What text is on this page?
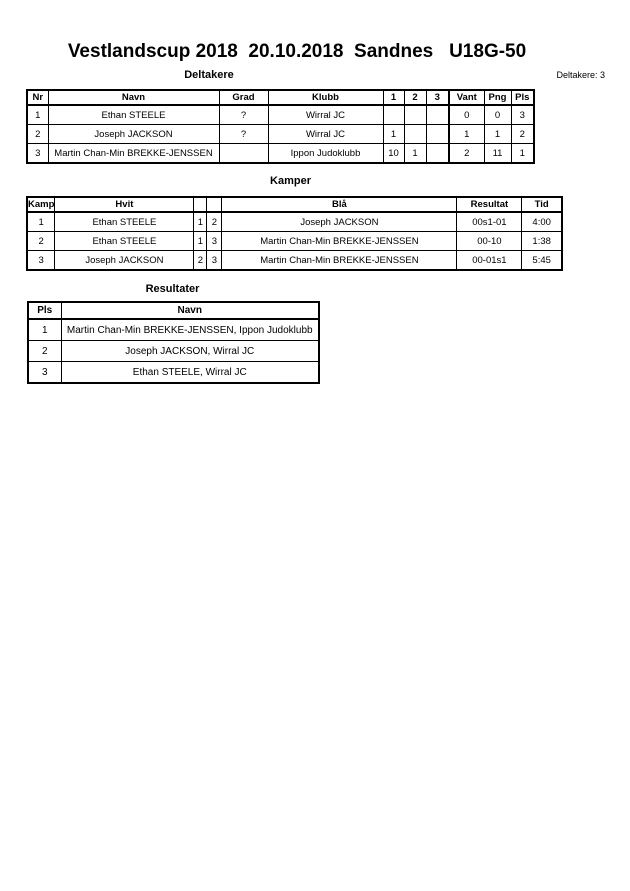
Vestlandscup 2018  20.10.2018  Sandnes   U18G-50
Deltakere	Deltakere: 3
Nr	Navn	Grad	Klubb	1	2	3	Vant	Png	Pls
1	Ethan STEELE	?	Wirral JC				0	0	3
2	Joseph JACKSON	?	Wirral JC	1			1	1	2
3	Martin Chan-Min BREKKE-JENSSEN		Ippon Judoklubb	10	1		2	11	1
Kamper
Kamp	Hvit			Blå	Resultat	Tid
1	Ethan STEELE	1	2	Joseph JACKSON	00s1-01	4:00
2	Ethan STEELE	1	3	Martin Chan-Min BREKKE-JENSSEN	00-10	1:38
3	Joseph JACKSON	2	3	Martin Chan-Min BREKKE-JENSSEN	00-01s1	5:45
Resultater
Pls	Navn
1	Martin Chan-Min BREKKE-JENSSEN, Ippon Judoklubb
2	Joseph JACKSON, Wirral JC
3	Ethan STEELE, Wirral JC
